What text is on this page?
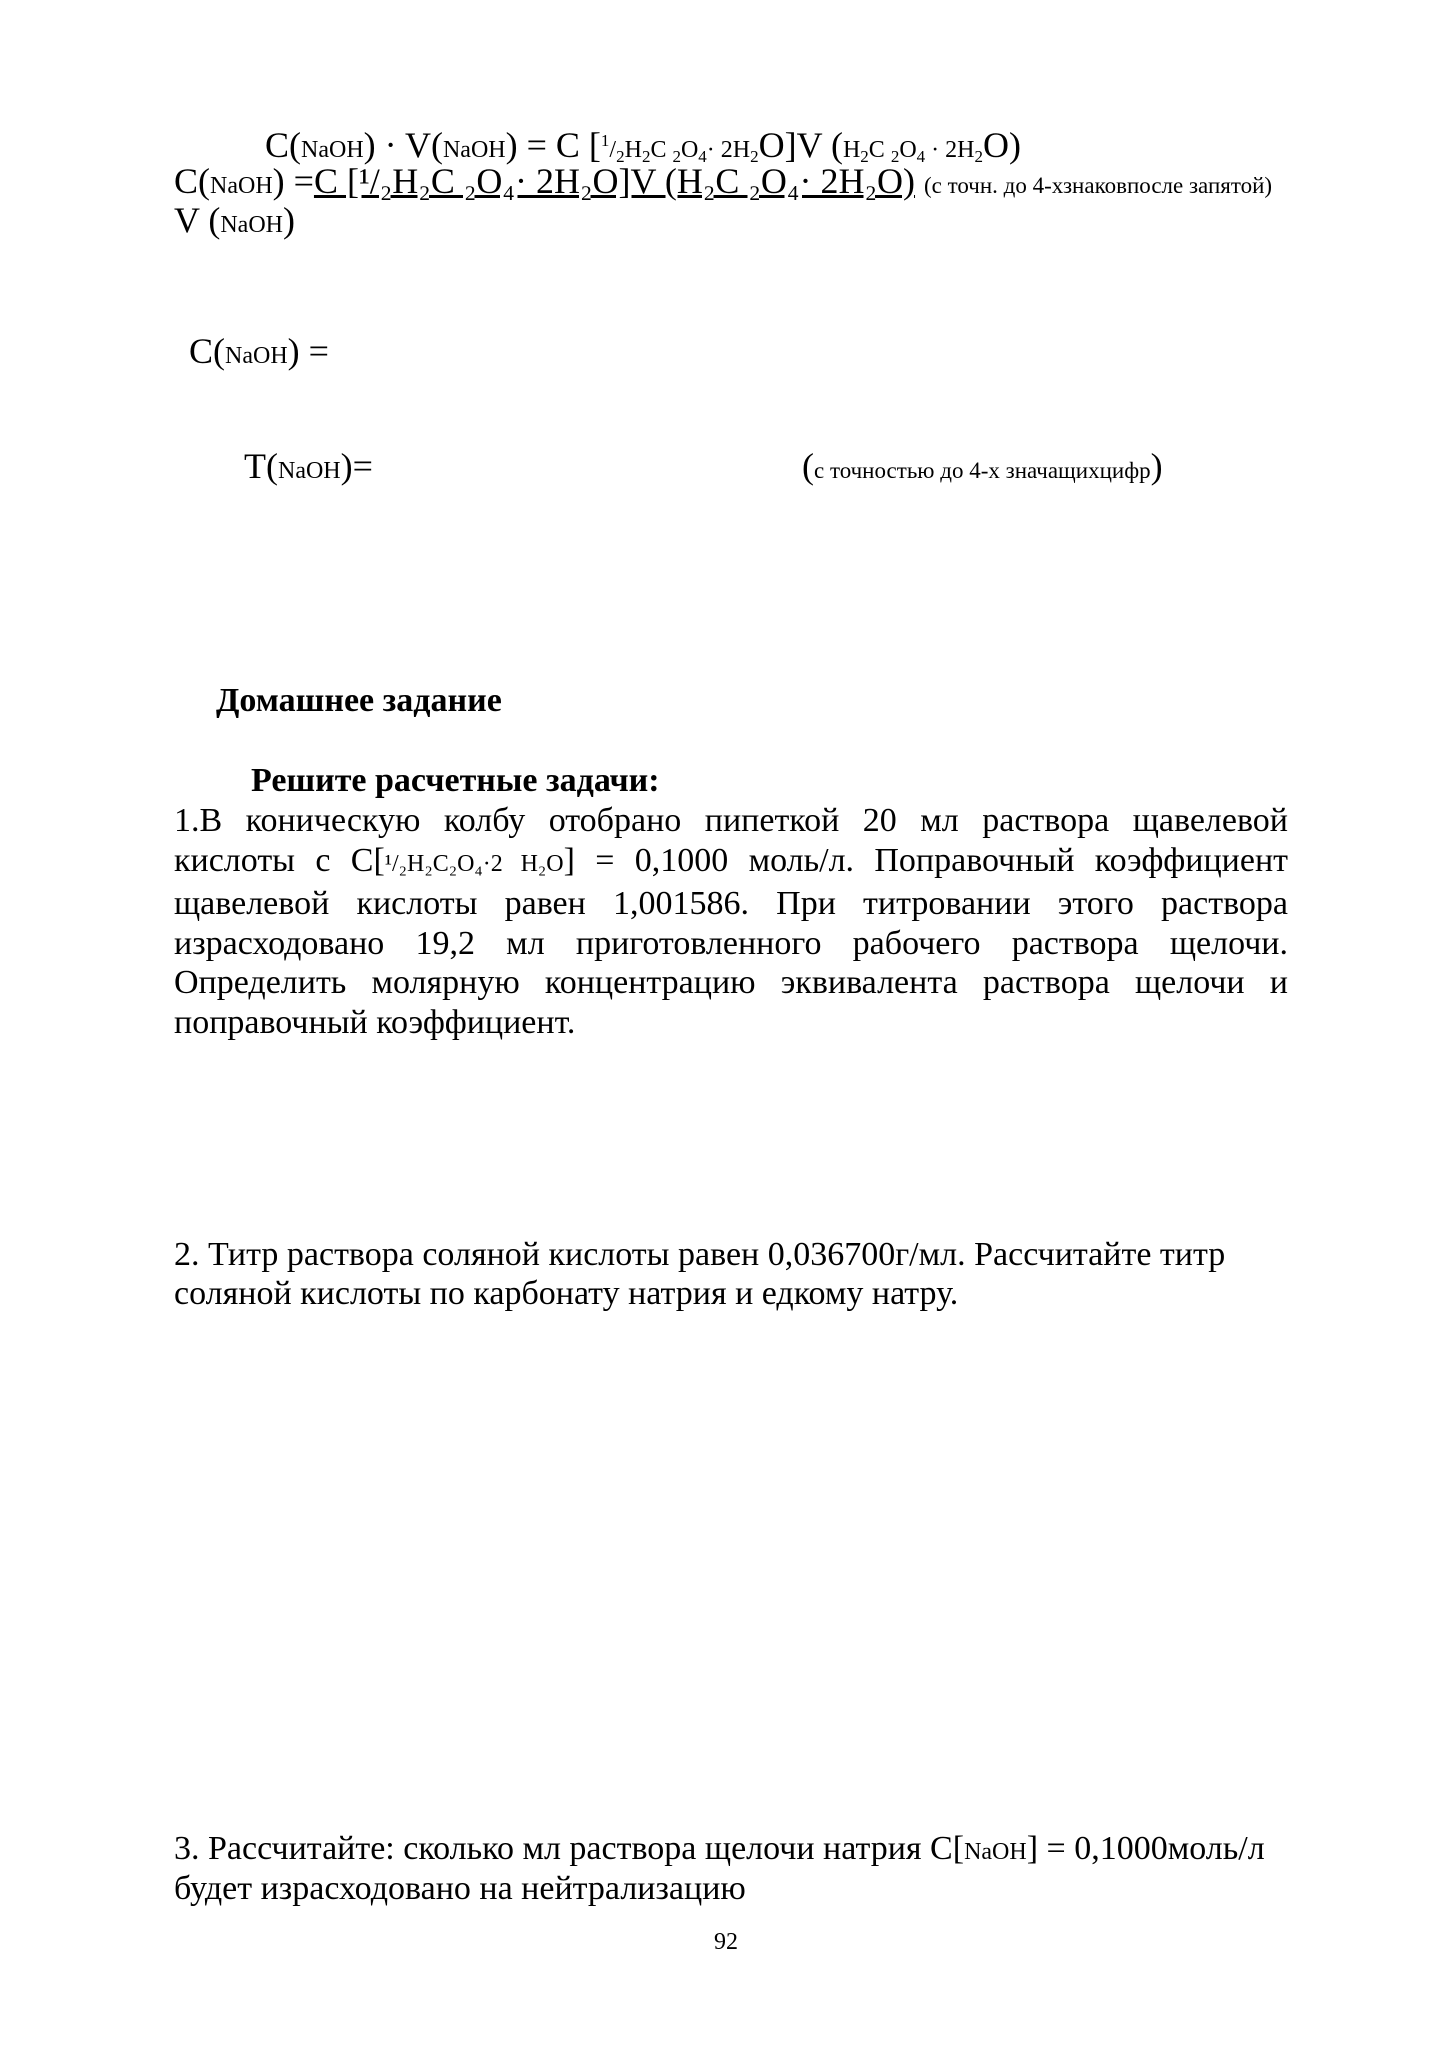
C(NaOH) · V(NaOH) = C [$^1/_2H_2C$ $_2O_4\cdot 2H_2O]V$ ($H_2C$ $_2O_4 \cdot 2H_2O$)
C(NaOH) =C [¹/₂H₂C ₂O₄· 2H₂O]V (H₂C ₂O₄· 2H₂O) (с точн. до 4-хзнаковпосле запятой)
V (NaOH)
C(NaOH) =
T(NaOH)=	(с точностью до 4-х значащихцифр)
Домашнее задание
Решите расчетные задачи:
1.В коническую колбу отобрано пипеткой 20 мл раствора щавелевой
кислоты с С[¹/₂H₂C₂O₄·2 H₂O] = 0,1000 моль/л. Поправочный коэффициент
щавелевой кислоты равен 1,001586. При титровании этого раствора
израсходовано 19,2 мл приготовленного рабочего раствора щелочи.
Определить молярную концентрацию эквивалента раствора щелочи и
поправочный коэффициент.
2. Титр раствора соляной кислоты равен 0,036700г/мл. Рассчитайте титр
соляной кислоты по карбонату натрия и едкому натру.
3. Рассчитайте: сколько мл раствора щелочи натрия С[NaOH] = 0,1000моль/л
будет израсходовано на нейтрализацию
92
